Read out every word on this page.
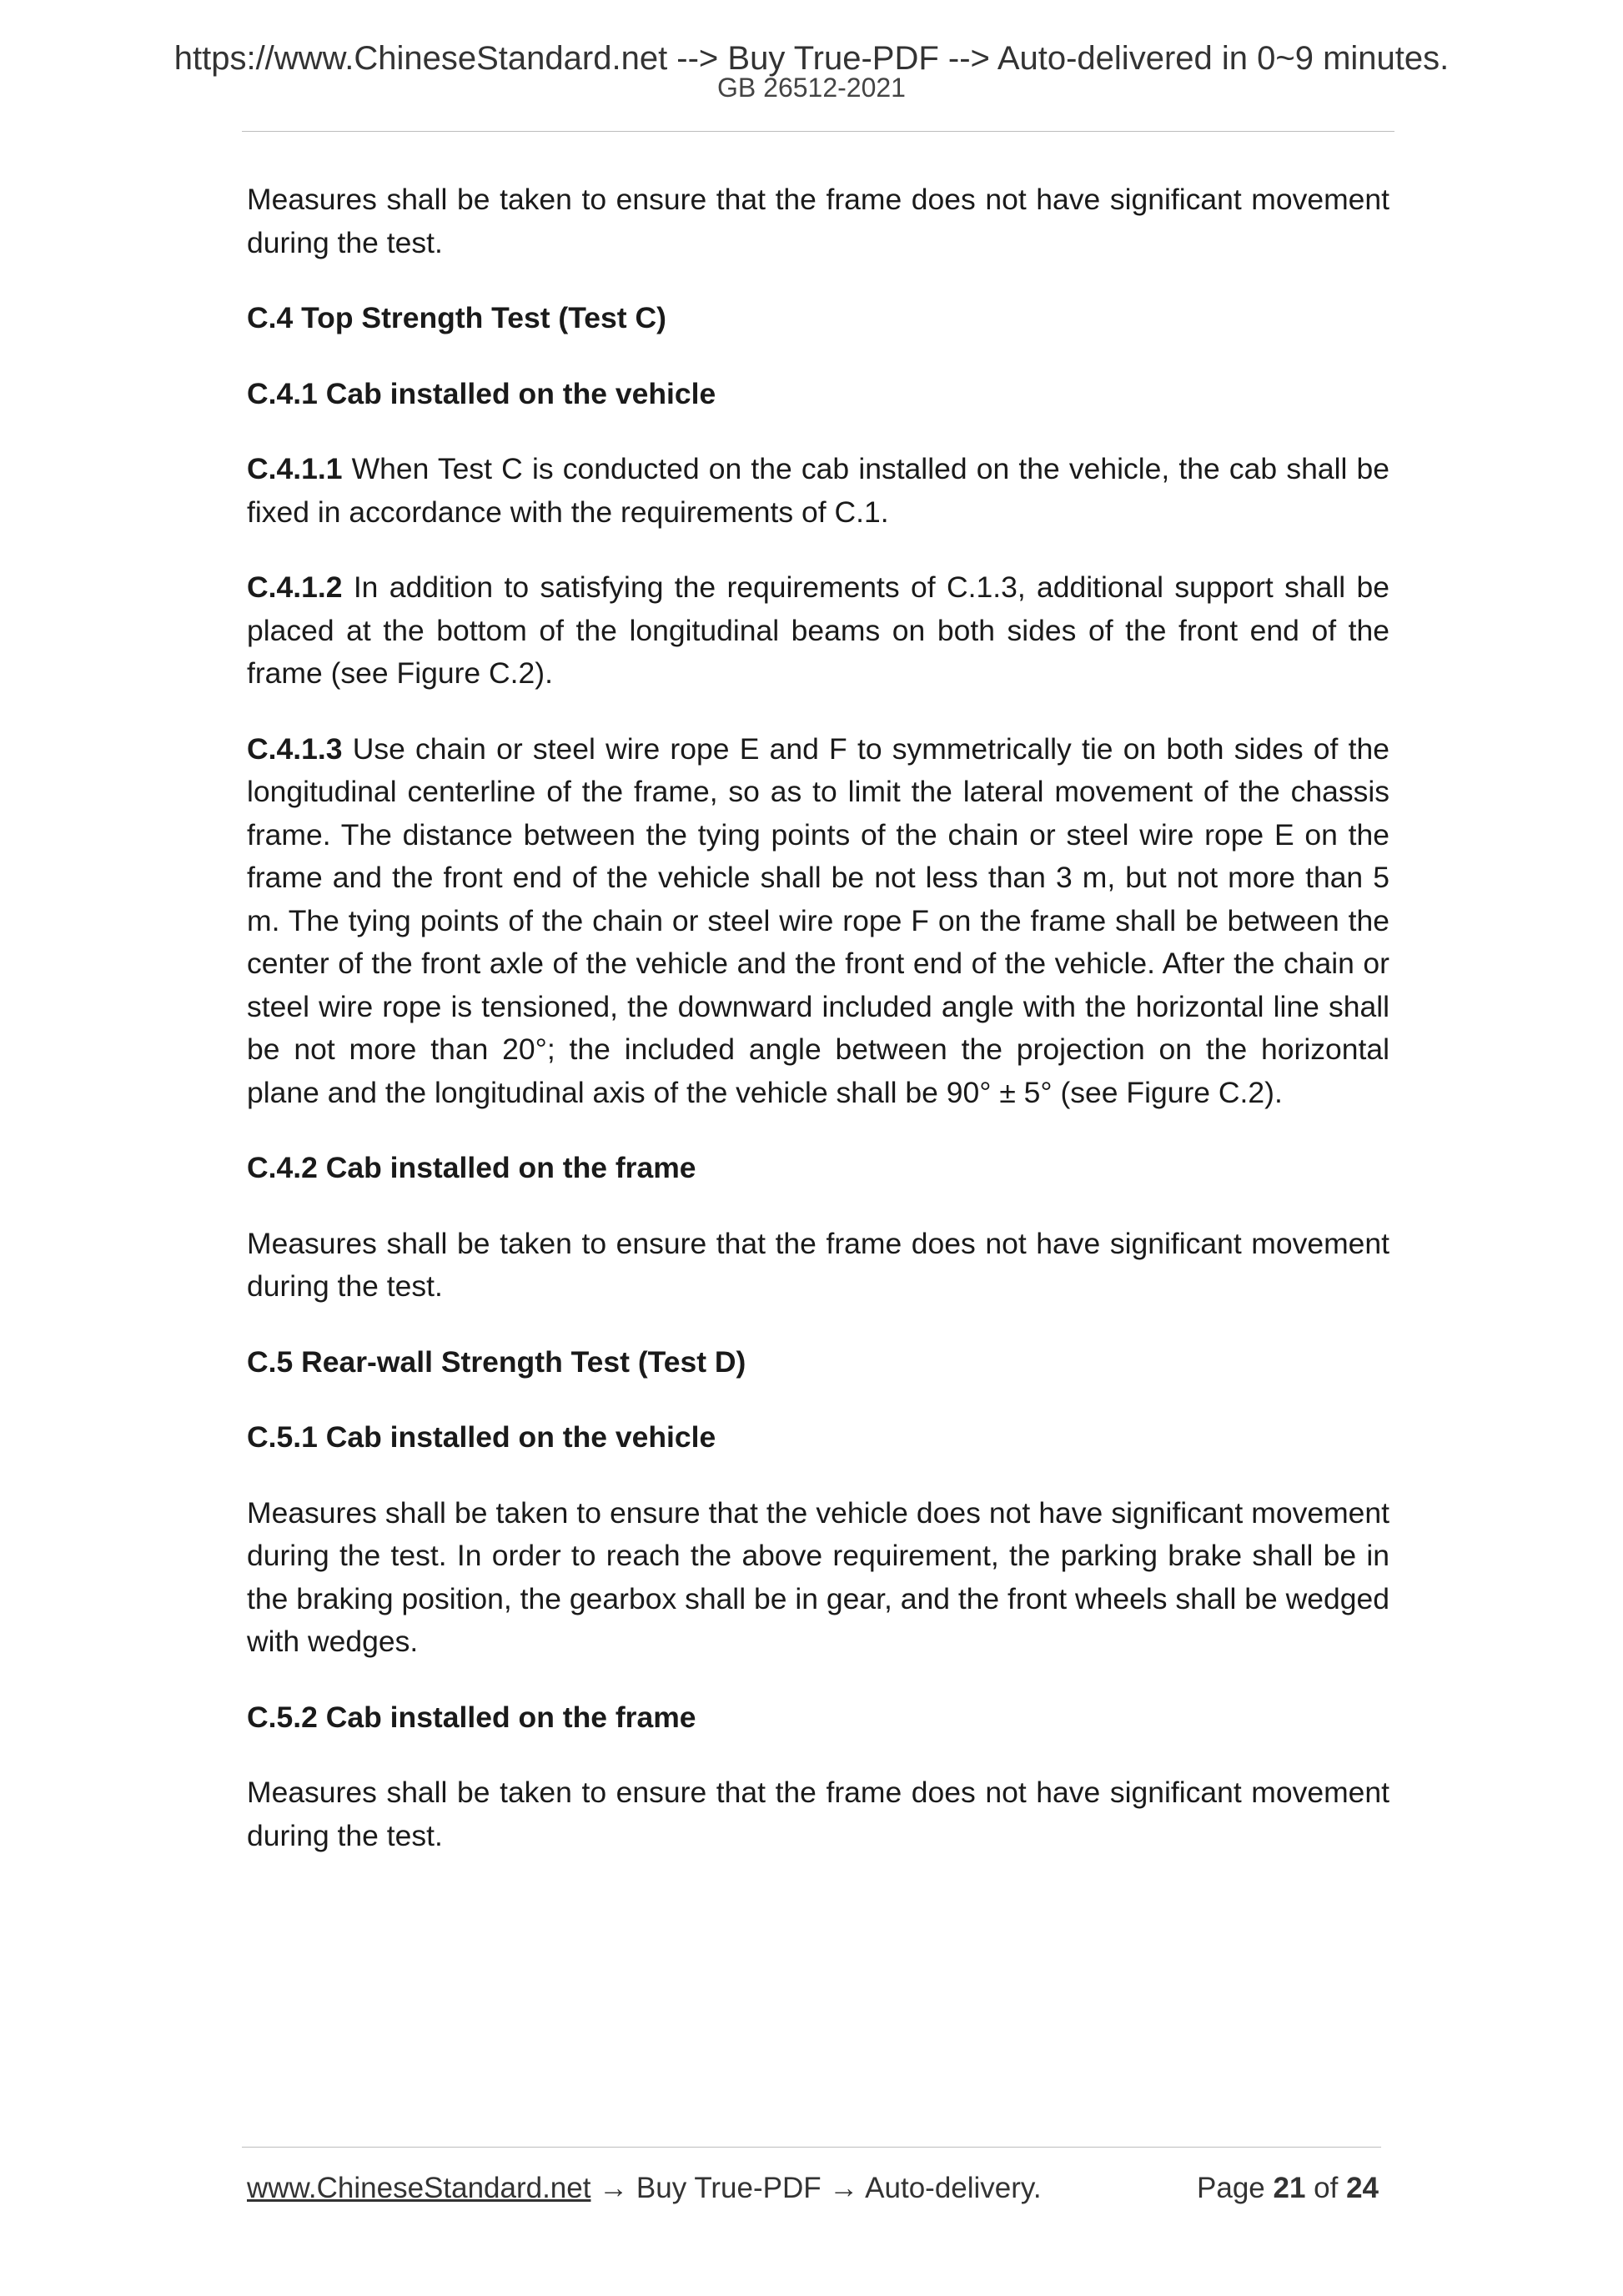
https://www.ChineseStandard.net --> Buy True-PDF --> Auto-delivered in 0~9 minutes.
GB 26512-2021

Measures shall be taken to ensure that the frame does not have significant movement during the test.

C.4 Top Strength Test (Test C)
C.4.1 Cab installed on the vehicle

C.4.1.1 When Test C is conducted on the cab installed on the vehicle, the cab shall be fixed in accordance with the requirements of C.1.

C.4.1.2 In addition to satisfying the requirements of C.1.3, additional support shall be placed at the bottom of the longitudinal beams on both sides of the front end of the frame (see Figure C.2).

C.4.1.3 Use chain or steel wire rope E and F to symmetrically tie on both sides of the longitudinal centerline of the frame, so as to limit the lateral movement of the chassis frame. The distance between the tying points of the chain or steel wire rope E on the frame and the front end of the vehicle shall be not less than 3 m, but not more than 5 m. The tying points of the chain or steel wire rope F on the frame shall be between the center of the front axle of the vehicle and the front end of the vehicle. After the chain or steel wire rope is tensioned, the downward included angle with the horizontal line shall be not more than 20°; the included angle between the projection on the horizontal plane and the longitudinal axis of the vehicle shall be 90° ± 5° (see Figure C.2).

C.4.2 Cab installed on the frame

Measures shall be taken to ensure that the frame does not have significant movement during the test.

C.5 Rear-wall Strength Test (Test D)
C.5.1 Cab installed on the vehicle

Measures shall be taken to ensure that the vehicle does not have significant movement during the test. In order to reach the above requirement, the parking brake shall be in the braking position, the gearbox shall be in gear, and the front wheels shall be wedged with wedges.

C.5.2 Cab installed on the frame

Measures shall be taken to ensure that the frame does not have significant movement during the test.

www.ChineseStandard.net → Buy True-PDF → Auto-delivery.	Page 21 of 24
